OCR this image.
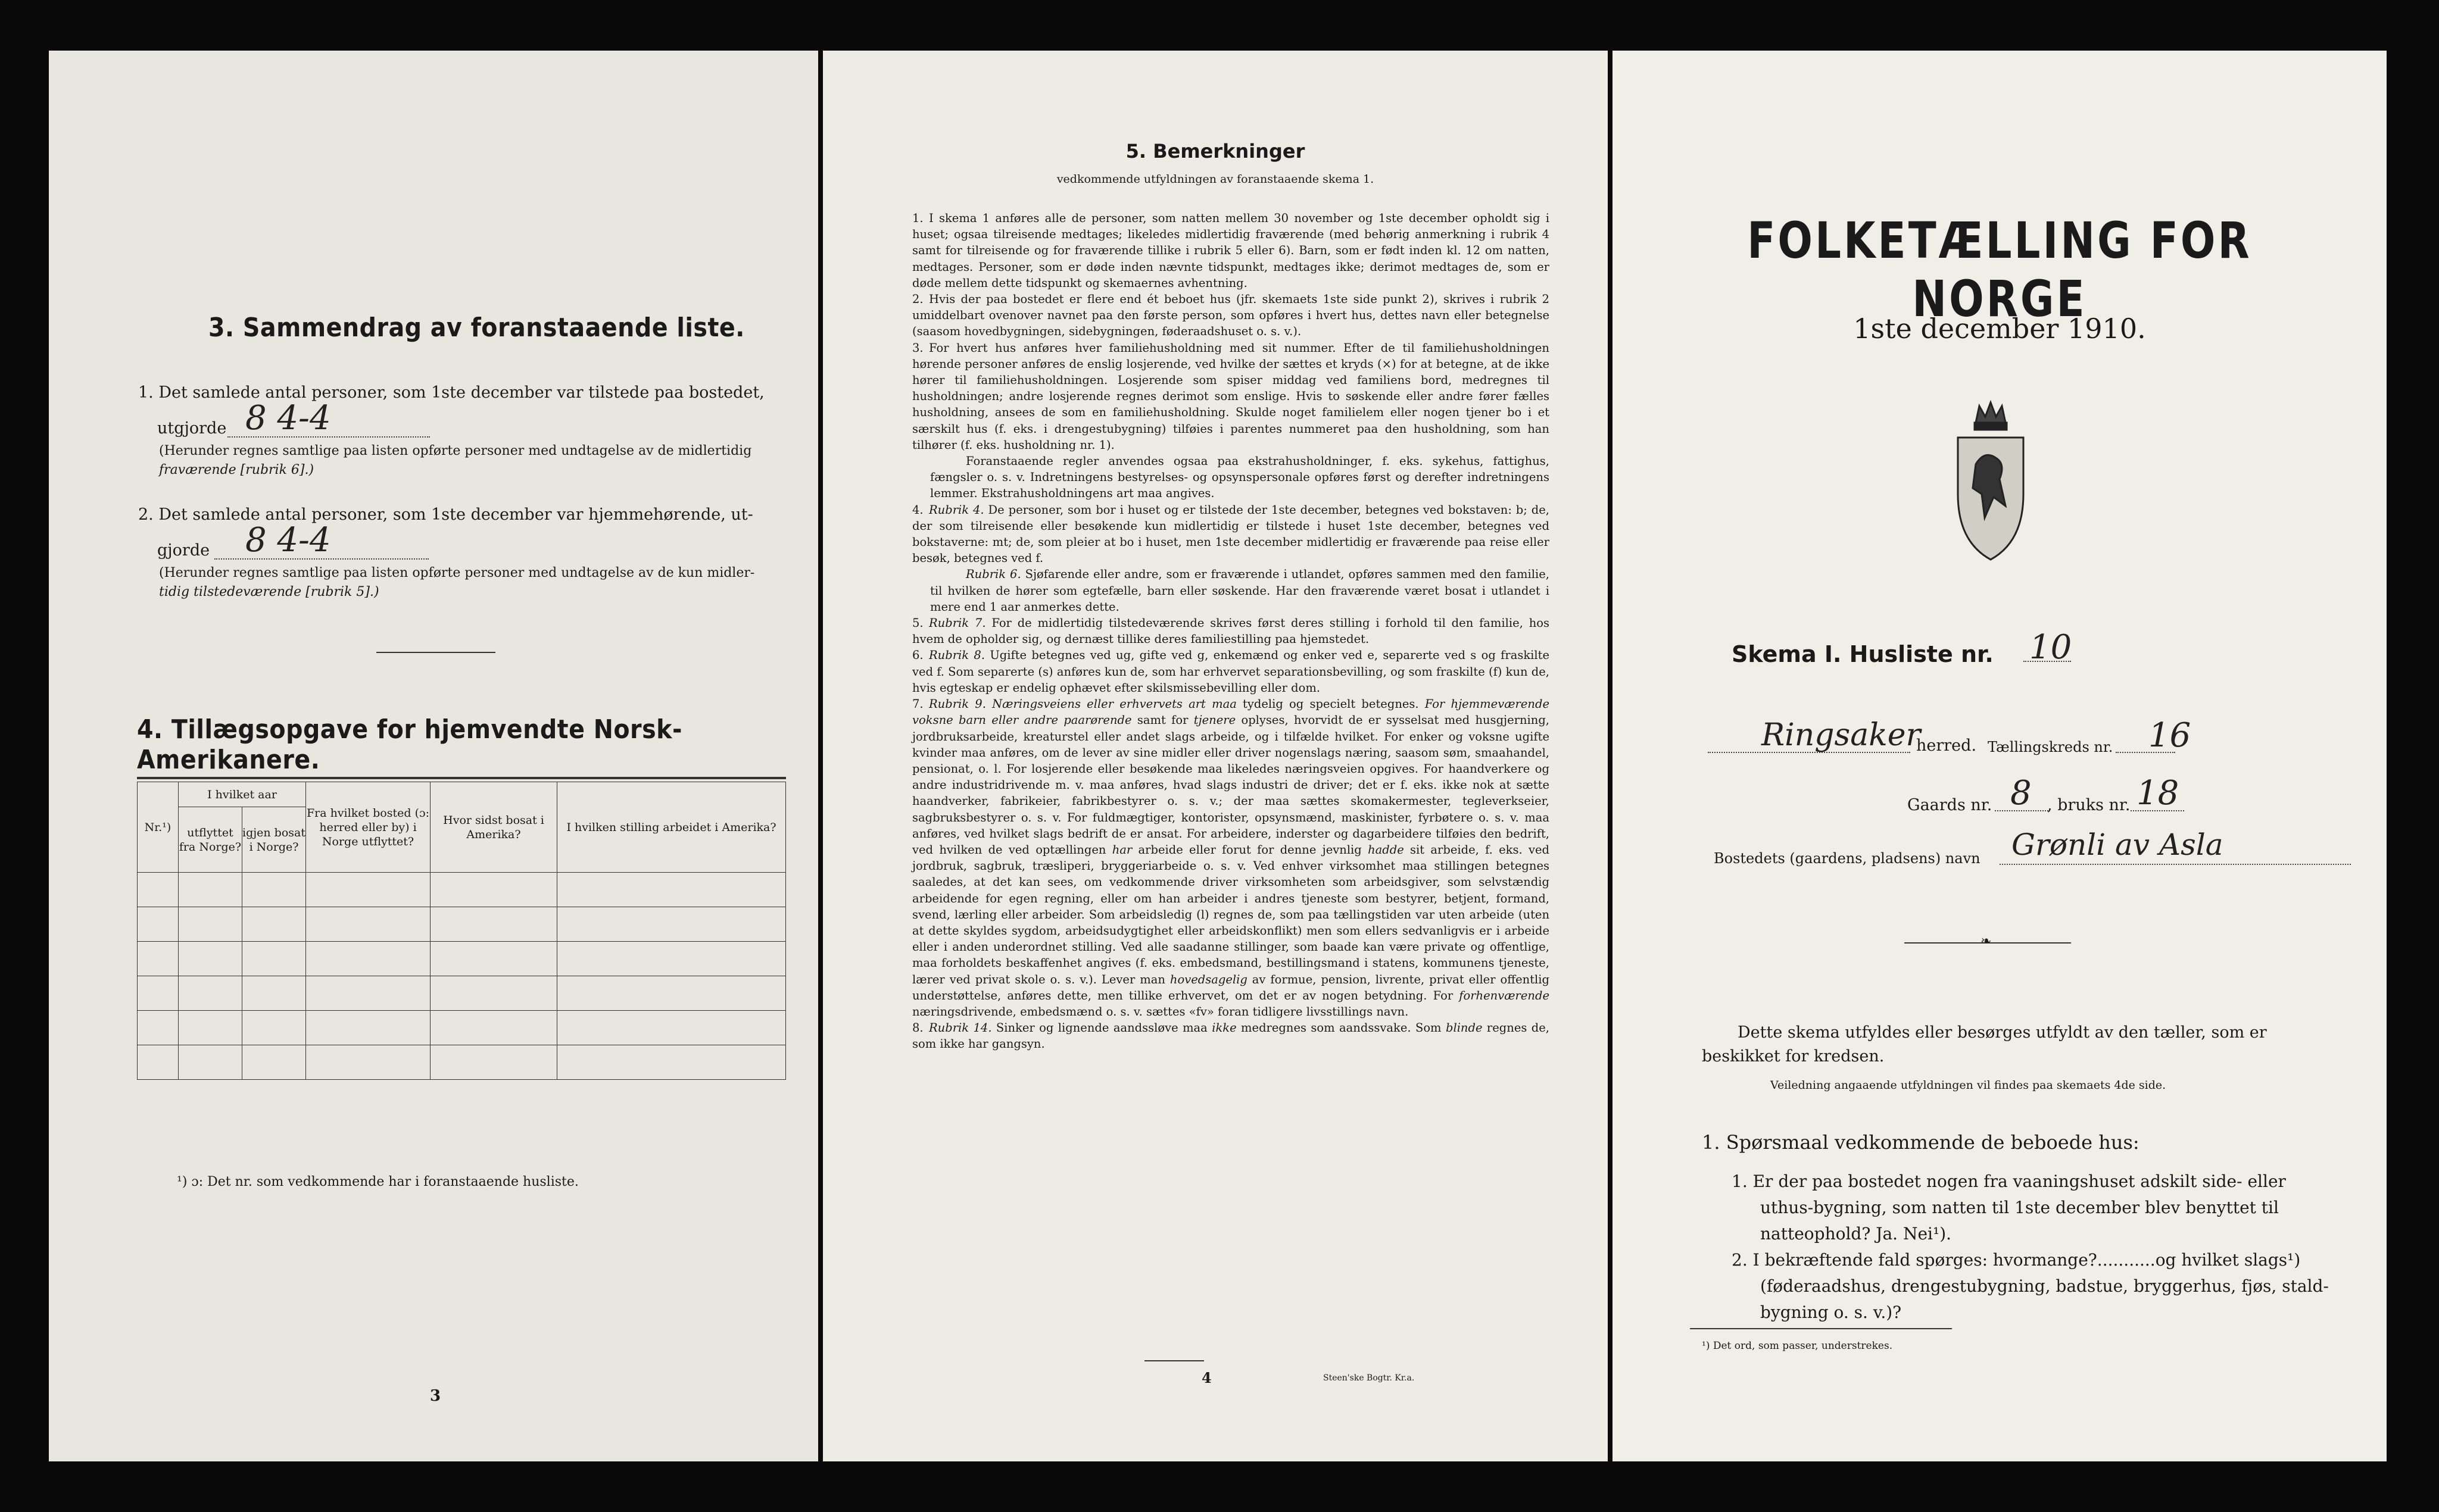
3. Sammendrag av foranstaaende liste.
1. Det samlede antal personer, som 1ste december var tilstede paa bostedet,
utgjorde 8 4-4
(Herunder regnes samtlige paa listen opførte personer med undtagelse av de midlertidig
fraværende [rubrik 6].)
2. Det samlede antal personer, som 1ste december var hjemmehørende, ut-
gjorde 8 4-4
(Herunder regnes samtlige paa listen opførte personer med undtagelse av de kun midler-
tidig tilstedeværende [rubrik 5].)
4. Tillægsopgave for hjemvendte Norsk-Amerikanere.
Nr.¹)	I hvilket aar		Fra hvilket bosted (ɔ: herred eller by) i Norge utflyttet?	Hvor sidst bosat i Amerika?	I hvilken stilling arbeidet i Amerika?
	utflyttet fra Norge?	igjen bosat i Norge?			

¹) ɔ: Det nr. som vedkommende har i foranstaaende husliste.
3
5. Bemerkninger
vedkommende utfyldningen av foranstaaende skema 1.

1. I skema 1 anføres alle de personer, som natten mellem 30 november og 1ste december opholdt sig i huset; ogsaa tilreisende medtages; likeledes midlertidig fraværende (med behørig anmerkning i rubrik 4 samt for tilreisende og for fraværende tillike i rubrik 5 eller 6). Barn, som er født inden kl. 12 om natten, medtages. Personer, som er døde inden nævnte tidspunkt, medtages ikke; derimot medtages de, som er døde mellem dette tidspunkt og skemaernes avhentning.

2. Hvis der paa bostedet er flere end ét beboet hus (jfr. skemaets 1ste side punkt 2), skrives i rubrik 2 umiddelbart ovenover navnet paa den første person, som opføres i hvert hus, dettes navn eller betegnelse (saasom hovedbygningen, sidebygningen, føderaadshuset o. s. v.).

3. For hvert hus anføres hver familiehusholdning med sit nummer. Efter de til familiehusholdningen hørende personer anføres de enslig losjerende, ved hvilke der sættes et kryds (×) for at betegne, at de ikke hører til familiehusholdningen. Losjerende som spiser middag ved familiens bord, medregnes til husholdningen; andre losjerende regnes derimot som enslige. Hvis to søskende eller andre fører fælles husholdning, ansees de som en familiehusholdning. Skulde noget familielem eller nogen tjener bo i et særskilt hus (f. eks. i drengestubygning) tilføies i parentes nummeret paa den husholdning, som han tilhører (f. eks. husholdning nr. 1).

Foranstaaende regler anvendes ogsaa paa ekstrahusholdninger, f. eks. sykehus, fattighus, fængsler o. s. v. Indretningens bestyrelses- og opsynspersonale opføres først og derefter indretningens lemmer. Ekstrahusholdningens art maa angives.

4. Rubrik 4. De personer, som bor i huset og er tilstede der 1ste december, betegnes ved bokstaven: b; de, der som tilreisende eller besøkende kun midlertidig er tilstede i huset 1ste december, betegnes ved bokstaverne: mt; de, som pleier at bo i huset, men 1ste december midlertidig er fraværende paa reise eller besøk, betegnes ved f.

Rubrik 6. Sjøfarende eller andre, som er fraværende i utlandet, opføres sammen med den familie, til hvilken de hører som egtefælle, barn eller søskende. Har den fraværende været bosat i utlandet i mere end 1 aar anmerkes dette.

5. Rubrik 7. For de midlertidig tilstedeværende skrives først deres stilling i forhold til den familie, hos hvem de opholder sig, og dernæst tillike deres familiestilling paa hjemstedet.

6. Rubrik 8. Ugifte betegnes ved ug, gifte ved g, enkemænd og enker ved e, separerte ved s og fraskilte ved f. Som separerte (s) anføres kun de, som har erhvervet separationsbevilling, og som fraskilte (f) kun de, hvis egteskap er endelig ophævet efter skilsmissebevilling eller dom.

7. Rubrik 9. Næringsveiens eller erhvervets art maa tydelig og specielt betegnes. For hjemmeværende voksne barn eller andre paarørende samt for tjenere oplyses, hvorvidt de er sysselsat med husgjerning, jordbruksarbeide, kreaturstel eller andet slags arbeide, og i tilfælde hvilket. For enker og voksne ugifte kvinder maa anføres, om de lever av sine midler eller driver nogenslags næring, saasom søm, smaahandel, pensionat, o. l. For losjerende eller besøkende maa likeledes næringsveien opgives. For haandverkere og andre industridrivende m. v. maa anføres, hvad slags industri de driver; det er f. eks. ikke nok at sætte haandverker, fabrikeier, fabrikbestyrer o. s. v.; der maa sættes skomakermester, tegleverkseier, sagbruksbestyrer o. s. v. For fuldmægtiger, kontorister, opsynsmænd, maskinister, fyrbøtere o. s. v. maa anføres, ved hvilket slags bedrift de er ansat. For arbeidere, inderster og dagarbeidere tilføies den bedrift, ved hvilken de ved optællingen har arbeide eller forut for denne jevnlig hadde sit arbeide, f. eks. ved jordbruk, sagbruk, træsliperi, bryggeriarbeide o. s. v. Ved enhver virksomhet maa stillingen betegnes saaledes, at det kan sees, om vedkommende driver virksomheten som arbeidsgiver, som selvstændig arbeidende for egen regning, eller om han arbeider i andres tjeneste som bestyrer, betjent, formand, svend, lærling eller arbeider. Som arbeidsledig (l) regnes de, som paa tællingstiden var uten arbeide (uten at dette skyldes sygdom, arbeidsudygtighet eller arbeidskonflikt) men som ellers sedvanligvis er i arbeide eller i anden underordnet stilling. Ved alle saadanne stillinger, som baade kan være private og offentlige, maa forholdets beskaffenhet angives (f. eks. embedsmand, bestillingsmand i statens, kommunens tjeneste, lærer ved privat skole o. s. v.). Lever man hovedsagelig av formue, pension, livrente, privat eller offentlig understøttelse, anføres dette, men tillike erhvervet, om det er av nogen betydning. For forhenværende næringsdrivende, embedsmænd o. s. v. sættes «fv» foran tidligere livsstillings navn.

8. Rubrik 14. Sinker og lignende aandssløve maa ikke medregnes som aandssvake. Som blinde regnes de, som ikke har gangsyn.

4	Steen'ske Bogtr. Kr.a.
FOLKETÆLLING FOR NORGE
1ste december 1910.
Skema I. Husliste nr. 10
Ringsaker
herred. Tællingskreds nr. 16
Gaards nr. 8 , bruks nr. 18
Bostedets (gaardens, pladsens) navn Grønli av Asla
❧
Dette skema utfyldes eller besørges utfyldt av den tæller, som er
beskikket for kredsen.
Veiledning angaaende utfyldningen vil findes paa skemaets 4de side.
1. Spørsmaal vedkommende de beboede hus:
1. Er der paa bostedet nogen fra vaaningshuset adskilt side- eller
uthus-bygning, som natten til 1ste december blev benyttet til
natteophold? Ja. Nei¹).
2. I bekræftende fald spørges: hvormange?...........og hvilket slags¹)
(føderaadshus, drengestubygning, badstue, bryggerhus, fjøs, stald-
bygning o. s. v.)?
¹) Det ord, som passer, understrekes.
